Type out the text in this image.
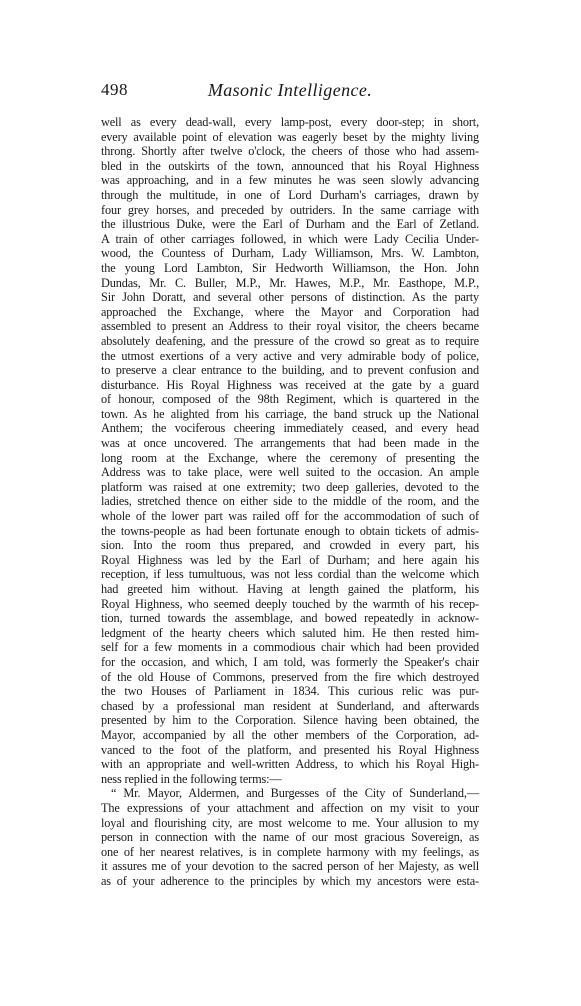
498	Masonic Intelligence.
well as every dead-wall, every lamp-post, every door-step; in short,
every available point of elevation was eagerly beset by the mighty living
throng. Shortly after twelve o'clock, the cheers of those who had assem-
bled in the outskirts of the town, announced that his Royal Highness
was approaching, and in a few minutes he was seen slowly advancing
through the multitude, in one of Lord Durham's carriages, drawn by
four grey horses, and preceded by outriders. In the same carriage with
the illustrious Duke, were the Earl of Durham and the Earl of Zetland.
A train of other carriages followed, in which were Lady Cecilia Under-
wood, the Countess of Durham, Lady Williamson, Mrs. W. Lambton,
the young Lord Lambton, Sir Hedworth Williamson, the Hon. John
Dundas, Mr. C. Buller, M.P., Mr. Hawes, M.P., Mr. Easthope, M.P.,
Sir John Doratt, and several other persons of distinction. As the party
approached the Exchange, where the Mayor and Corporation had
assembled to present an Address to their royal visitor, the cheers became
absolutely deafening, and the pressure of the crowd so great as to require
the utmost exertions of a very active and very admirable body of police,
to preserve a clear entrance to the building, and to prevent confusion and
disturbance. His Royal Highness was received at the gate by a guard
of honour, composed of the 98th Regiment, which is quartered in the
town. As he alighted from his carriage, the band struck up the National
Anthem; the vociferous cheering immediately ceased, and every head
was at once uncovered. The arrangements that had been made in the
long room at the Exchange, where the ceremony of presenting the
Address was to take place, were well suited to the occasion. An ample
platform was raised at one extremity; two deep galleries, devoted to the
ladies, stretched thence on either side to the middle of the room, and the
whole of the lower part was railed off for the accommodation of such of
the towns-people as had been fortunate enough to obtain tickets of admis-
sion. Into the room thus prepared, and crowded in every part, his
Royal Highness was led by the Earl of Durham; and here again his
reception, if less tumultuous, was not less cordial than the welcome which
had greeted him without. Having at length gained the platform, his
Royal Highness, who seemed deeply touched by the warmth of his recep-
tion, turned towards the assemblage, and bowed repeatedly in acknow-
ledgment of the hearty cheers which saluted him. He then rested him-
self for a few moments in a commodious chair which had been provided
for the occasion, and which, I am told, was formerly the Speaker's chair
of the old House of Commons, preserved from the fire which destroyed
the two Houses of Parliament in 1834. This curious relic was pur-
chased by a professional man resident at Sunderland, and afterwards
presented by him to the Corporation. Silence having been obtained, the
Mayor, accompanied by all the other members of the Corporation, ad-
vanced to the foot of the platform, and presented his Royal Highness
with an appropriate and well-written Address, to which his Royal High-
ness replied in the following terms:—
“ Mr. Mayor, Aldermen, and Burgesses of the City of Sunderland,—
The expressions of your attachment and affection on my visit to your
loyal and flourishing city, are most welcome to me. Your allusion to my
person in connection with the name of our most gracious Sovereign, as
one of her nearest relatives, is in complete harmony with my feelings, as
it assures me of your devotion to the sacred person of her Majesty, as well
as of your adherence to the principles by which my ancestors were esta-
